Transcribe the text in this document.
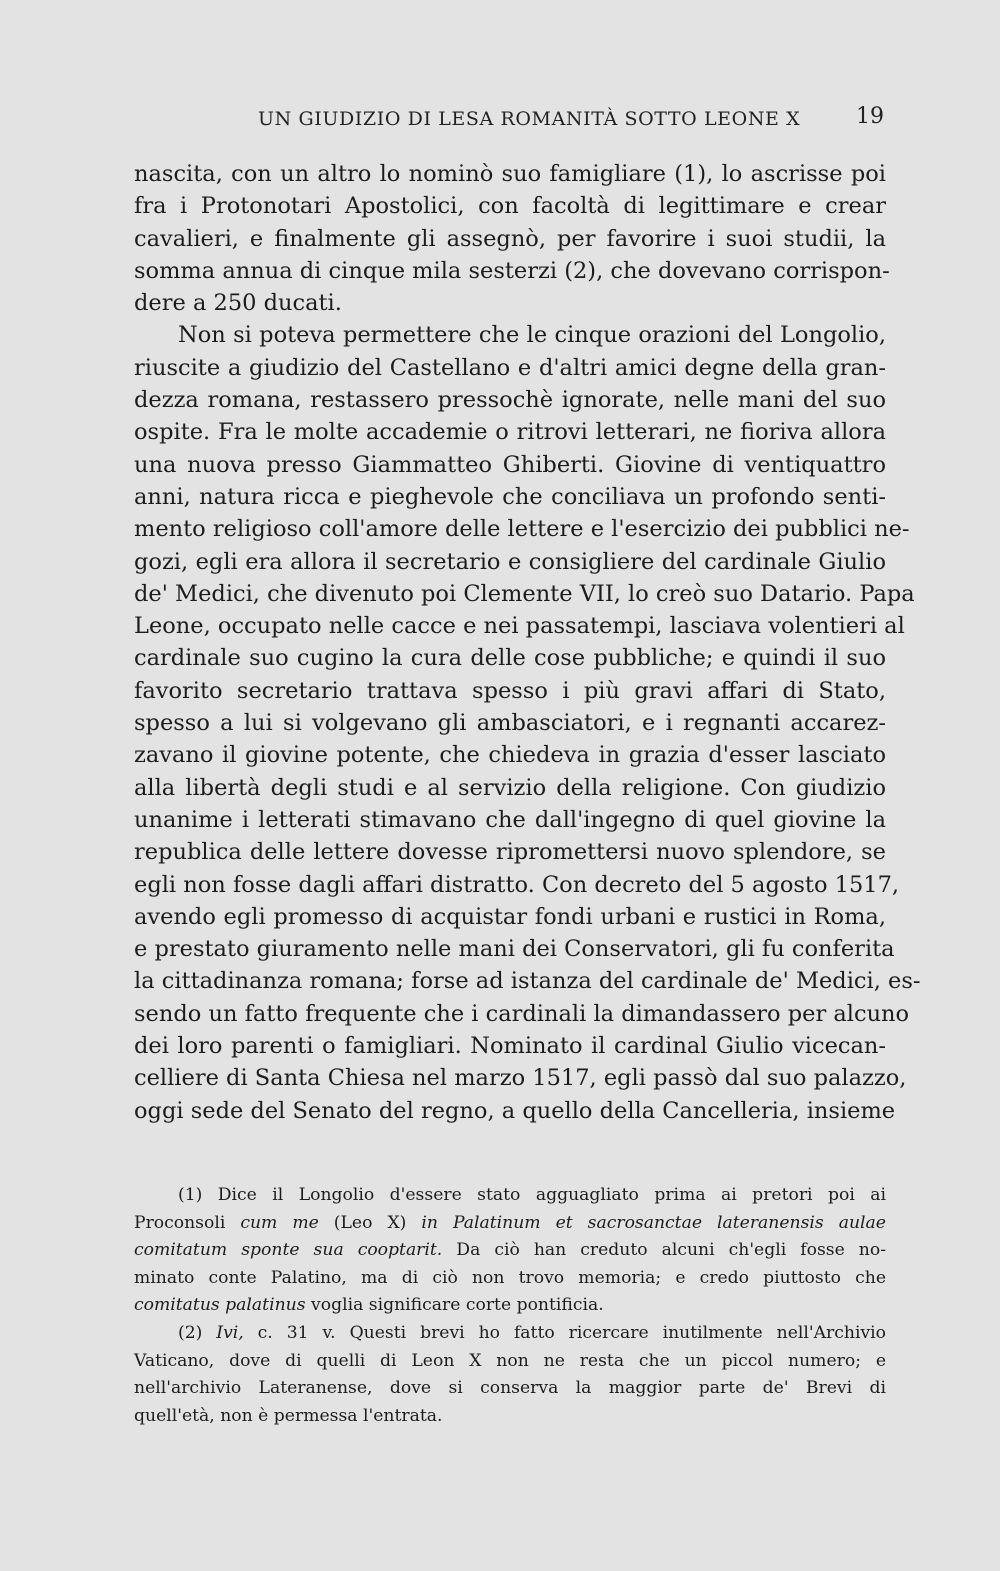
UN GIUDIZIO DI LESA ROMANITÀ SOTTO LEONE X	19
nascita, con un altro lo nominò suo famigliare (1), lo ascrisse poi
fra i Protonotari Apostolici, con facoltà di legittimare e crear
cavalieri, e finalmente gli assegnò, per favorire i suoi studii, la
somma annua di cinque mila sesterzi (2), che dovevano corrispon-
dere a 250 ducati.
Non si poteva permettere che le cinque orazioni del Longolio,
riuscite a giudizio del Castellano e d'altri amici degne della gran-
dezza romana, restassero pressochè ignorate, nelle mani del suo
ospite. Fra le molte accademie o ritrovi letterari, ne fioriva allora
una nuova presso Giammatteo Ghiberti. Giovine di ventiquattro
anni, natura ricca e pieghevole che conciliava un profondo senti-
mento religioso coll'amore delle lettere e l'esercizio dei pubblici ne-
gozi, egli era allora il secretario e consigliere del cardinale Giulio
de' Medici, che divenuto poi Clemente VII, lo creò suo Datario. Papa
Leone, occupato nelle cacce e nei passatempi, lasciava volentieri al
cardinale suo cugino la cura delle cose pubbliche; e quindi il suo
favorito secretario trattava spesso i più gravi affari di Stato,
spesso a lui si volgevano gli ambasciatori, e i regnanti accarez-
zavano il giovine potente, che chiedeva in grazia d'esser lasciato
alla libertà degli studi e al servizio della religione. Con giudizio
unanime i letterati stimavano che dall'ingegno di quel giovine la
republica delle lettere dovesse ripromettersi nuovo splendore, se
egli non fosse dagli affari distratto. Con decreto del 5 agosto 1517,
avendo egli promesso di acquistar fondi urbani e rustici in Roma,
e prestato giuramento nelle mani dei Conservatori, gli fu conferita
la cittadinanza romana; forse ad istanza del cardinale de' Medici, es-
sendo un fatto frequente che i cardinali la dimandassero per alcuno
dei loro parenti o famigliari. Nominato il cardinal Giulio vicecan-
celliere di Santa Chiesa nel marzo 1517, egli passò dal suo palazzo,
oggi sede del Senato del regno, a quello della Cancelleria, insieme
(1) Dice il Longolio d'essere stato agguagliato prima ai pretori poi ai
Proconsoli cum me (Leo X) in Palatinum et sacrosanctae lateranensis aulae
comitatum sponte sua cooptarit. Da ciò han creduto alcuni ch'egli fosse no-
minato conte Palatino, ma di ciò non trovo memoria; e credo piuttosto che
comitatus palatinus voglia significare corte pontificia.
(2) Ivi, c. 31 v. Questi brevi ho fatto ricercare inutilmente nell'Archivio
Vaticano, dove di quelli di Leon X non ne resta che un piccol numero; e
nell'archivio Lateranense, dove si conserva la maggior parte de' Brevi di
quell'età, non è permessa l'entrata.
